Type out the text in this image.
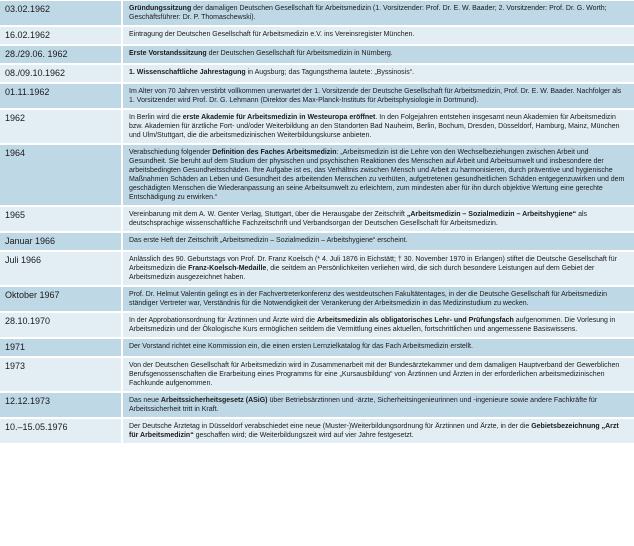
03.02.1962	Gründungssitzung der damaligen Deutschen Gesellschaft für Arbeitsmedizin (1. Vorsitzender: Prof. Dr. E. W. Baader; 2. Vorsitzender: Prof. Dr. G. Worth; Geschäftsführer: Dr. P. Thomaschewski).
16.02.1962	Eintragung der Deutschen Gesellschaft für Arbeitsmedizin e.V. ins Vereinsregister München.
28./29.06. 1962	Erste Vorstandssitzung der Deutschen Gesellschaft für Arbeitsmedizin in Nürnberg.
08./09.10.1962	1. Wissenschaftliche Jahrestagung in Augsburg; das Tagungsthema lautete: „Byssinosis“.
01.11.1962	Im Alter von 70 Jahren verstirbt vollkommen unerwartet der 1. Vorsitzende der Deutsche Gesellschaft für Arbeitsmedizin, Prof. Dr. E. W. Baader. Nachfolger als 1. Vorsitzender wird Prof. Dr. G. Lehmann (Direktor des Max-Planck-Instituts für Arbeitsphysiologie in Dortmund).
1962	In Berlin wird die erste Akademie für Arbeitsmedizin in Westeuropa eröffnet. In den Folgejahren entstehen insgesamt neun Akademien für Arbeitsmedizin bzw. Akademien für ärztliche Fort- und/oder Weiterbildung an den Standorten Bad Nauheim, Berlin, Bochum, Dresden, Düsseldorf, Hamburg, Mainz, München und Ulm/Stuttgart, die die arbeitsmedizinischen Weiterbildungskurse anbieten.
1964	Verabschiedung folgender Definition des Faches Arbeitsmedizin: „Arbeitsmedizin ist die Lehre von den Wechselbeziehungen zwischen Arbeit und Gesundheit. Sie beruht auf dem Studium der physischen und psychischen Reaktionen des Menschen auf Arbeit und Arbeitsumwelt und insbesondere der arbeitsbedingten Gesundheitsschäden. Ihre Aufgabe ist es, das Verhältnis zwischen Mensch und Arbeit zu harmonisieren, durch präventive und hygienische Maßnahmen Schäden an Leben und Gesundheit des arbeitenden Menschen zu verhüten, aufgetretenen gesundheitlichen Schäden entgegenzuwirken und dem geschädigten Menschen die Wiederanpassung an seine Arbeitsumwelt zu erleichtern, zum mindesten aber für ihn durch objektive Wertung eine gerechte Entschädigung zu erwirken.“
1965	Vereinbarung mit dem A. W. Genter Verlag, Stuttgart, über die Herausgabe der Zeitschrift „Arbeitsmedizin – Sozialmedizin – Arbeitshygiene“ als deutschsprachige wissenschaftliche Fachzeitschrift und Verbandsorgan der Deutschen Gesellschaft für Arbeitsmedizin.
Januar 1966	Das erste Heft der Zeitschrift „Arbeitsmedizin – Sozialmedizin – Arbeitshygiene“ erscheint.
Juli 1966	Anlässlich des 90. Geburtstags von Prof. Dr. Franz Koelsch (* 4. Juli 1876 in Eichstätt; † 30. November 1970 in Erlangen) stiftet die Deutsche Gesellschaft für Arbeitsmedizin die Franz-Koelsch-Medaille, die seitdem an Persönlichkeiten verliehen wird, die sich durch besondere Leistungen auf dem Gebiet der Arbeitsmedizin ausgezeichnet haben.
Oktober 1967	Prof. Dr. Helmut Valentin gelingt es in der Fachvertreterkonferenz des westdeutschen Fakultätentages, in der die Deutsche Gesellschaft für Arbeitsmedizin ständiger Vertreter war, Verständnis für die Notwendigkeit der Verankerung der Arbeitsmedizin in das Medizinstudium zu wecken.
28.10.1970	In der Approbationsordnung für Ärztinnen und Ärzte wird die Arbeitsmedizin als obligatorisches Lehr- und Prüfungsfach aufgenommen. Die Vorlesung in Arbeitsmedizin und der Ökologische Kurs ermöglichen seitdem die Vermittlung eines aktuellen, fortschrittlichen und angemessene Basiswissens.
1971	Der Vorstand richtet eine Kommission ein, die einen ersten Lernzielkatalog für das Fach Arbeitsmedizin erstellt.
1973	Von der Deutschen Gesellschaft für Arbeitsmedizin wird in Zusammenarbeit mit der Bundesärztekammer und dem damaligen Hauptverband der Gewerblichen Berufsgenossenschaften die Erarbeitung eines Programms für eine „Kursausbildung“ von Ärztinnen und Ärzten in der erforderlichen arbeitsmedizinischen Fachkunde aufgenommen.
12.12.1973	Das neue Arbeitssicherheitsgesetz (ASiG) über Betriebsärztinnen und -ärzte, Sicherheitsingenieurinnen und -ingenieure sowie andere Fachkräfte für Arbeitssicherheit tritt in Kraft.
10.–15.05.1976	Der Deutsche Ärztetag in Düsseldorf verabschiedet eine neue (Muster-)Weiterbildungsordnung für Ärztinnen und Ärzte, in der die Gebietsbezeichnung „Arzt für Arbeitsmedizin“ geschaffen wird; die Weiterbildungszeit wird auf vier Jahre festgesetzt.
